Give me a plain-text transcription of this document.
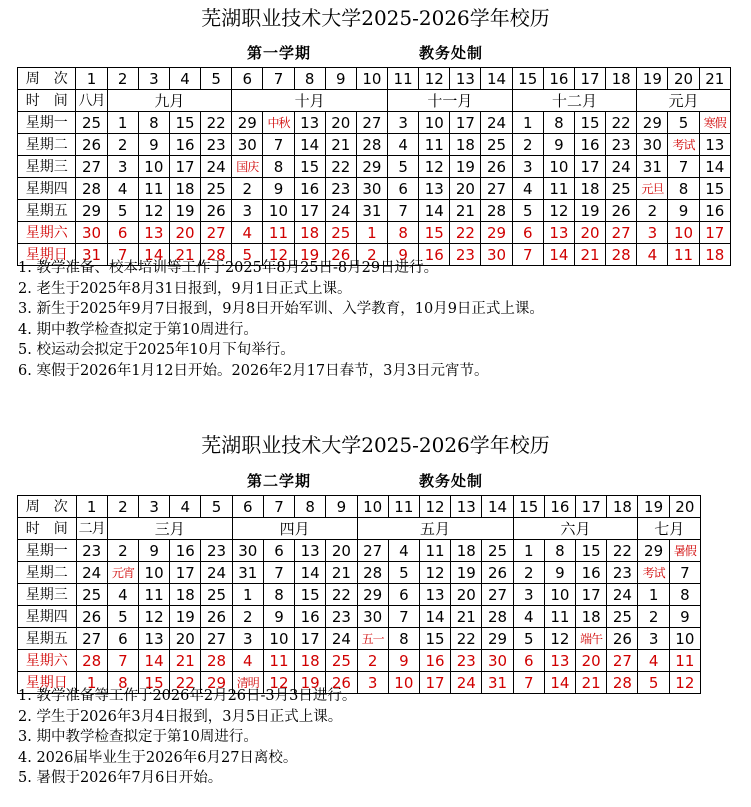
芜湖职业技术大学2025-2026学年校历
第一学期	教务处制
周　次	1	2	3	4	5	6	7	8	9	10	11	12	13	14	15	16	17	18	19	20	21
时　间	八月	九月				十月					十一月				十二月				元月		
星期一	25	1	8	15	22	29	中秋	13	20	27	3	10	17	24	1	8	15	22	29	5	寒假
星期二	26	2	9	16	23	30	7	14	21	28	4	11	18	25	2	9	16	23	30	考试	13
星期三	27	3	10	17	24	国庆	8	15	22	29	5	12	19	26	3	10	17	24	31	7	14
星期四	28	4	11	18	25	2	9	16	23	30	6	13	20	27	4	11	18	25	元旦	8	15
星期五	29	5	12	19	26	3	10	17	24	31	7	14	21	28	5	12	19	26	2	9	16
星期六	30	6	13	20	27	4	11	18	25	1	8	15	22	29	6	13	20	27	3	10	17
星期日	31	7	14	21	28	5	12	19	26	2	9	16	23	30	7	14	21	28	4	11	18
1. 教学准备、校本培训等工作于2025年8月25日-8月29日进行。
2. 老生于2025年8月31日报到，9月1日正式上课。
3. 新生于2025年9月7日报到，9月8日开始军训、入学教育，10月9日正式上课。
4. 期中教学检查拟定于第10周进行。
5. 校运动会拟定于2025年10月下旬举行。
6. 寒假于2026年1月12日开始。2026年2月17日春节，3月3日元宵节。
芜湖职业技术大学2025-2026学年校历
第二学期	教务处制
周　次	1	2	3	4	5	6	7	8	9	10	11	12	13	14	15	16	17	18	19	20
时　间	二月	三月				四月				五月					六月				七月	
星期一	23	2	9	16	23	30	6	13	20	27	4	11	18	25	1	8	15	22	29	暑假
星期二	24	元宵	10	17	24	31	7	14	21	28	5	12	19	26	2	9	16	23	考试	7
星期三	25	4	11	18	25	1	8	15	22	29	6	13	20	27	3	10	17	24	1	8
星期四	26	5	12	19	26	2	9	16	23	30	7	14	21	28	4	11	18	25	2	9
星期五	27	6	13	20	27	3	10	17	24	五一	8	15	22	29	5	12	端午	26	3	10
星期六	28	7	14	21	28	4	11	18	25	2	9	16	23	30	6	13	20	27	4	11
星期日	1	8	15	22	29	清明	12	19	26	3	10	17	24	31	7	14	21	28	5	12
1. 教学准备等工作于2026年2月26日-3月3日进行。
2. 学生于2026年3月4日报到，3月5日正式上课。
3. 期中教学检查拟定于第10周进行。
4. 2026届毕业生于2026年6月27日离校。
5. 暑假于2026年7月6日开始。
